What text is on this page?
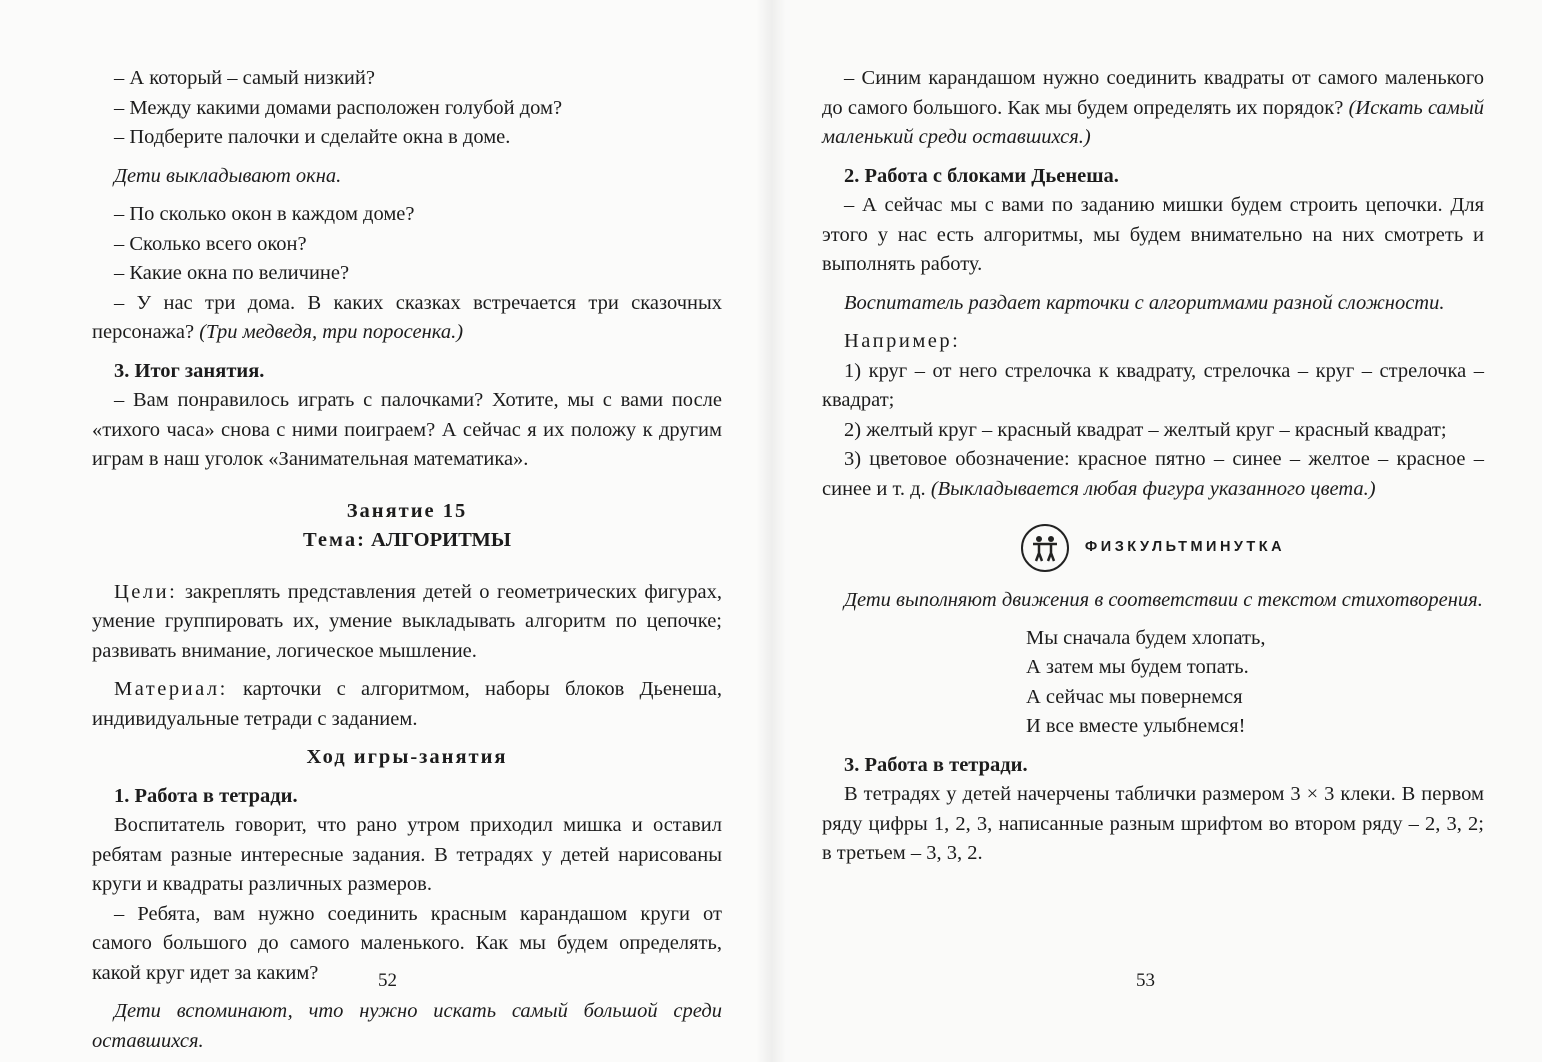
– А который – самый низкий?

– Между какими домами расположен голубой дом?

– Подберите палочки и сделайте окна в доме.

Дети выкладывают окна.

– По сколько окон в каждом доме?

– Сколько всего окон?

– Какие окна по величине?

– У нас три дома. В каких сказках встречается три сказочных персонажа? (Три медведя, три поросенка.)

3. Итог занятия.

– Вам понравилось играть с палочками? Хотите, мы с вами после «тихого часа» снова с ними поиграем? А сейчас я их положу к другим играм в наш уголок «Занимательная математика».

Занятие 15

Тема: АЛГОРИТМЫ

Цели: закреплять представления детей о геометрических фигурах, умение группировать их, умение выкладывать алгоритм по цепочке; развивать внимание, логическое мышление.

Материал: карточки с алгоритмом, наборы блоков Дьенеша, индивидуальные тетради с заданием.

Ход игры-занятия

1. Работа в тетради.

Воспитатель говорит, что рано утром приходил мишка и оставил ребятам разные интересные задания. В тетрадях у детей нарисованы круги и квадраты различных размеров.

– Ребята, вам нужно соединить красным карандашом круги от самого большого до самого маленького. Как мы будем определять, какой круг идет за каким?

Дети вспоминают, что нужно искать самый большой среди оставшихся.

52

– Синим карандашом нужно соединить квадраты от самого маленького до самого большого. Как мы будем определять их порядок? (Искать самый маленький среди оставшихся.)

2. Работа с блоками Дьенеша.

– А сейчас мы с вами по заданию мишки будем строить цепочки. Для этого у нас есть алгоритмы, мы будем внимательно на них смотреть и выполнять работу.

Воспитатель раздает карточки с алгоритмами разной сложности.

Например:

1) круг – от него стрелочка к квадрату, стрелочка – круг – стрелочка – квадрат;

2) желтый круг – красный квадрат – желтый круг – красный квадрат;

3) цветовое обозначение: красное пятно – синее – желтое – красное – синее и т. д. (Выкладывается любая фигура указанного цвета.)

ФИЗКУЛЬТМИНУТКА

Дети выполняют движения в соответствии с текстом стихотворения.

Мы сначала будем хлопать,

А затем мы будем топать.

А сейчас мы повернемся

И все вместе улыбнемся!

3. Работа в тетради.

В тетрадях у детей начерчены таблички размером 3 × 3 клеки. В первом ряду цифры 1, 2, 3, написанные разным шрифтом во втором ряду – 2, 3, 2; в третьем – 3, 3, 2.

53
